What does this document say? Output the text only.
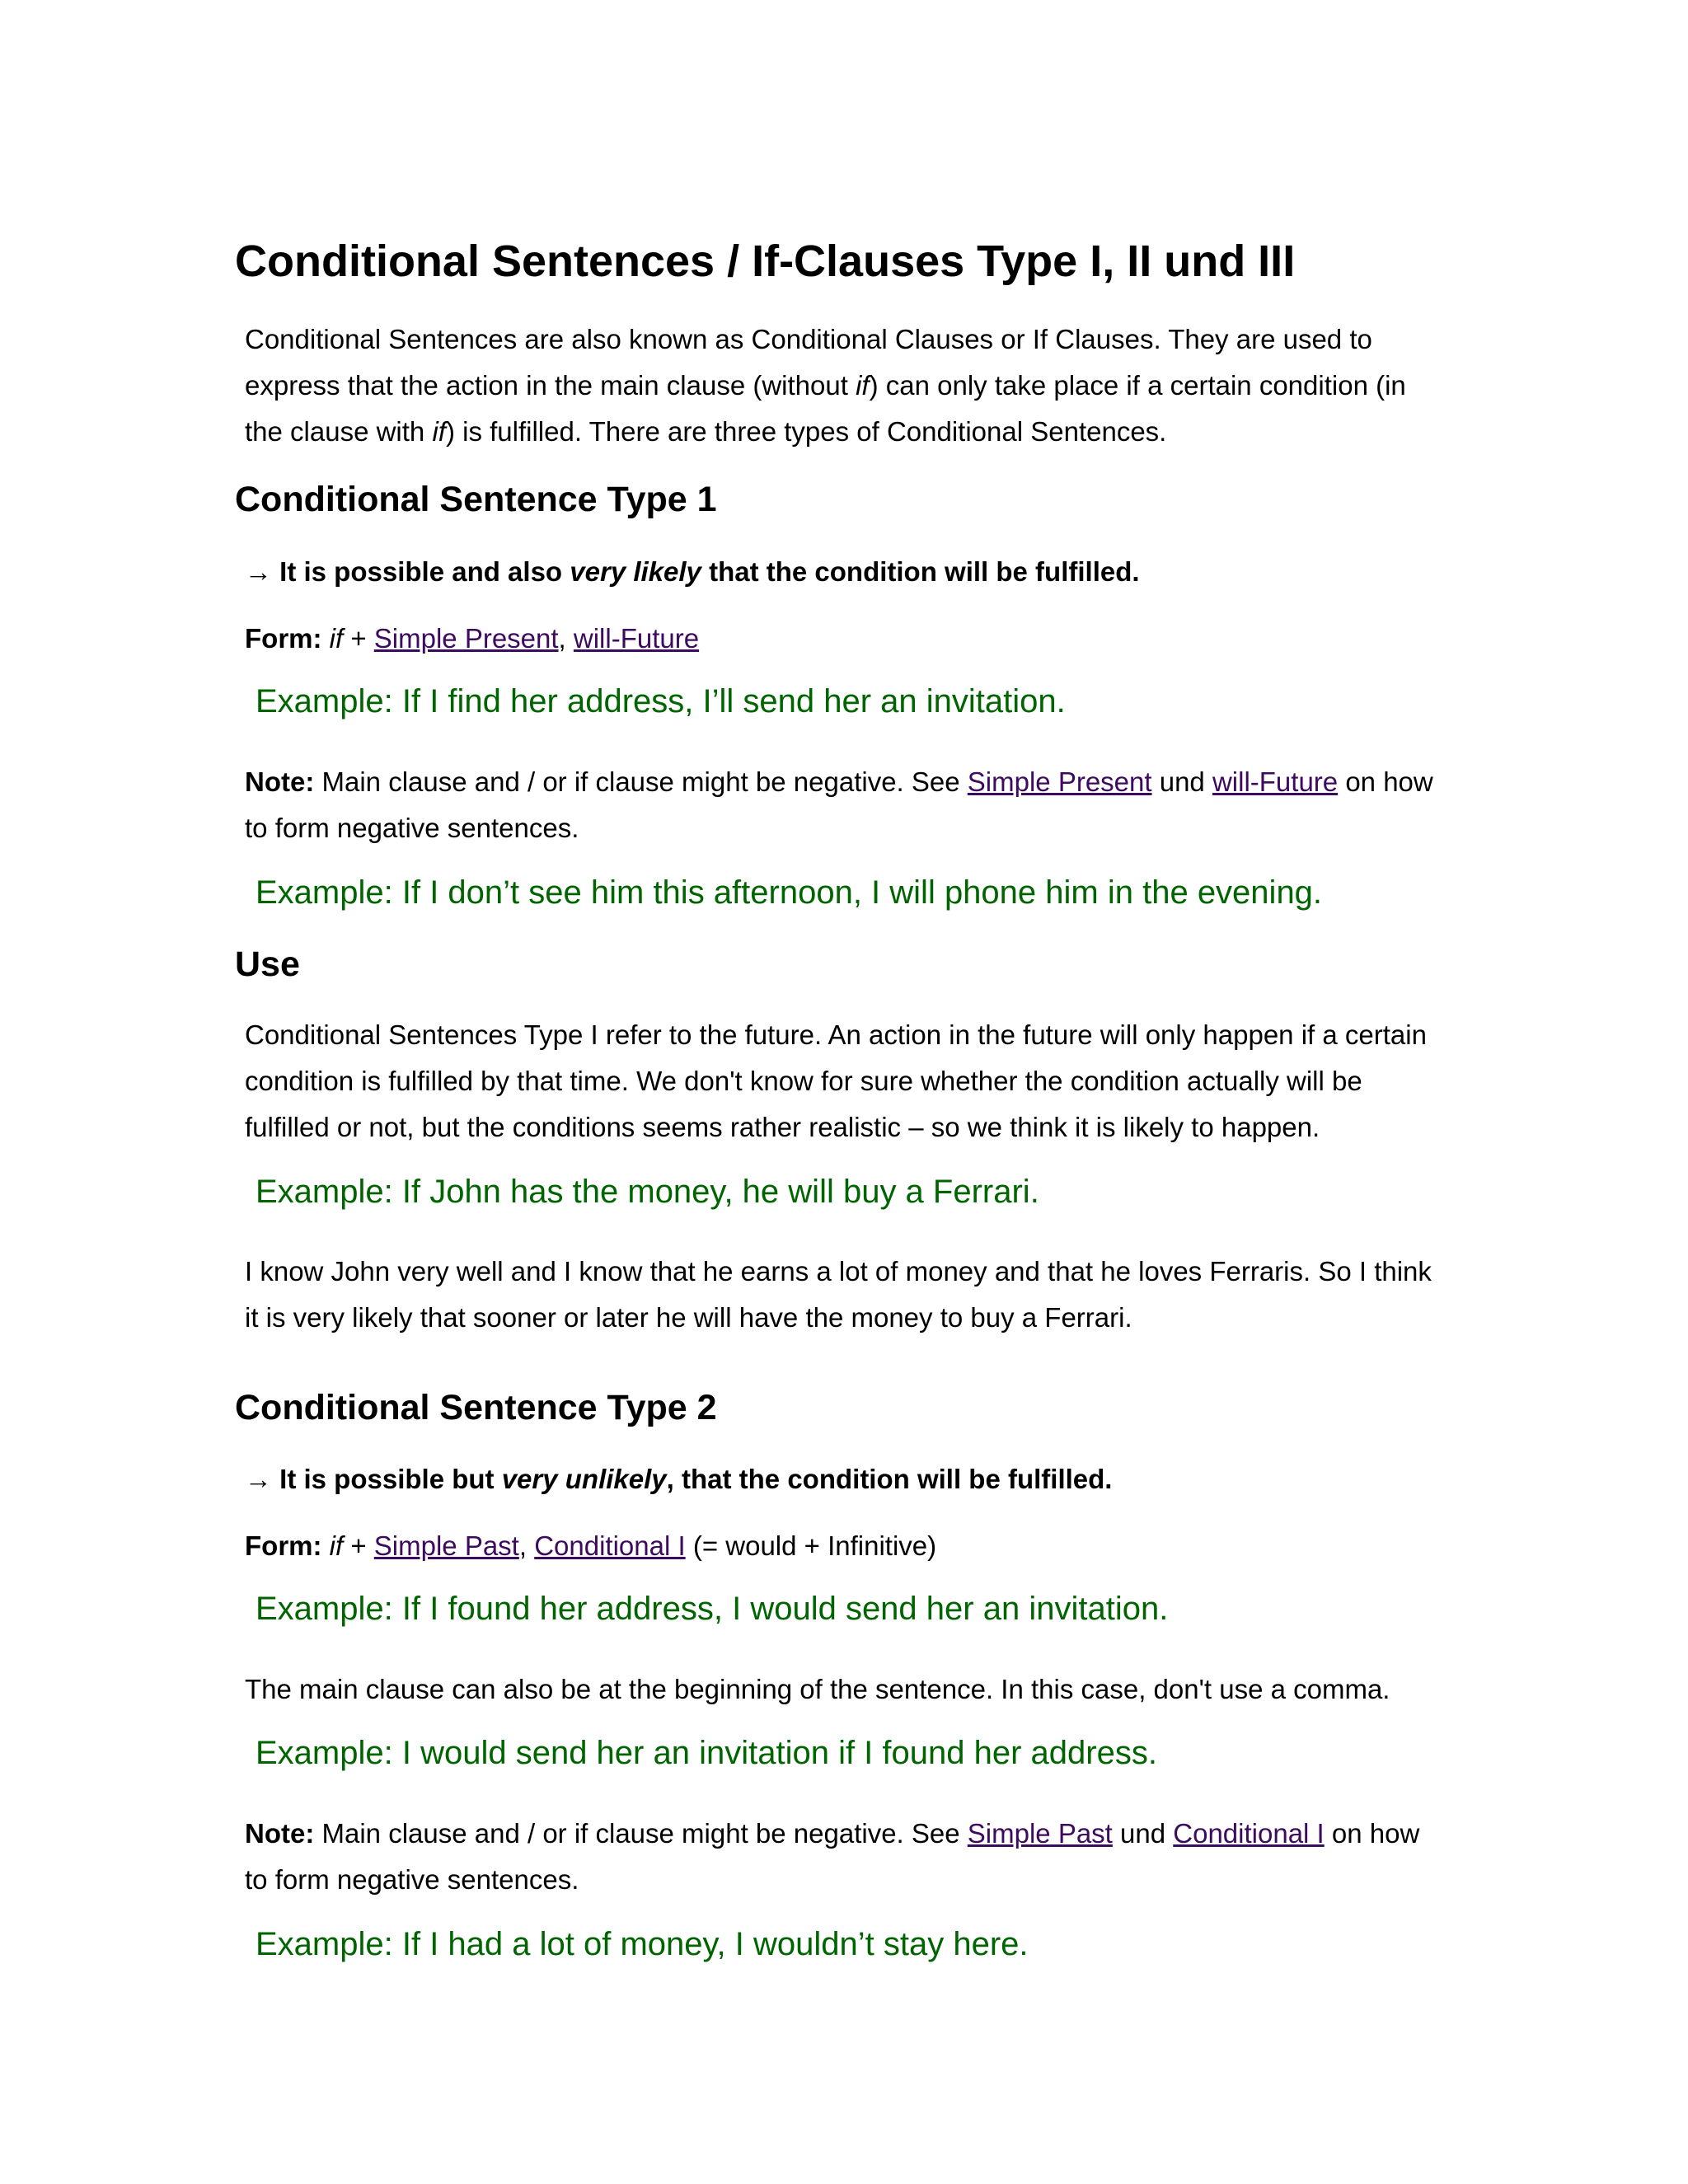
Conditional Sentences / If-Clauses Type I, II und III
Conditional Sentences are also known as Conditional Clauses or If Clauses. They are used to
express that the action in the main clause (without if) can only take place if a certain condition (in
the clause with if) is fulfilled. There are three types of Conditional Sentences.
Conditional Sentence Type 1
→ It is possible and also very likely that the condition will be fulfilled.
Form: if + Simple Present, will-Future
Example: If I find her address, I’ll send her an invitation.
Note: Main clause and / or if clause might be negative. See Simple Present und will-Future on how
to form negative sentences.
Example: If I don’t see him this afternoon, I will phone him in the evening.
Use
Conditional Sentences Type I refer to the future. An action in the future will only happen if a certain
condition is fulfilled by that time. We don't know for sure whether the condition actually will be
fulfilled or not, but the conditions seems rather realistic – so we think it is likely to happen.
Example: If John has the money, he will buy a Ferrari.
I know John very well and I know that he earns a lot of money and that he loves Ferraris. So I think
it is very likely that sooner or later he will have the money to buy a Ferrari.
Conditional Sentence Type 2
→ It is possible but very unlikely, that the condition will be fulfilled.
Form: if + Simple Past, Conditional I (= would + Infinitive)
Example: If I found her address, I would send her an invitation.
The main clause can also be at the beginning of the sentence. In this case, don't use a comma.
Example: I would send her an invitation if I found her address.
Note: Main clause and / or if clause might be negative. See Simple Past und Conditional I on how
to form negative sentences.
Example: If I had a lot of money, I wouldn’t stay here.
